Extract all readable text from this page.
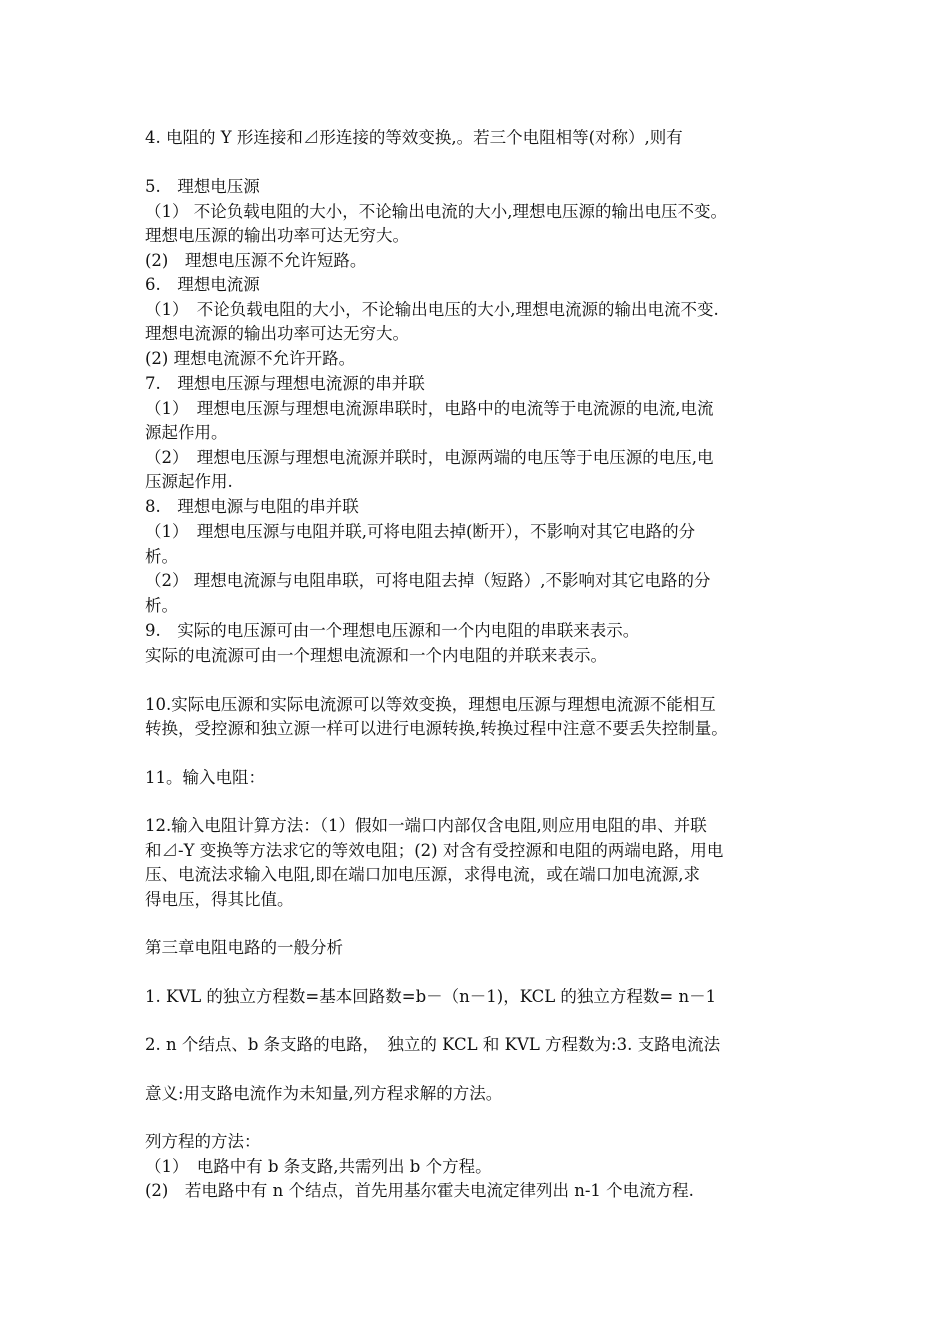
4. 电阻的 Y 形连接和⊿形连接的等效变换,。若三个电阻相等(对称）,则有
5.　理想电压源
（1） 不论负载电阻的大小，不论输出电流的大小,理想电压源的输出电压不变。
理想电压源的输出功率可达无穷大。
(2)　理想电压源不允许短路。
6.　理想电流源
（1）　不论负载电阻的大小，不论输出电压的大小,理想电流源的输出电流不变.
理想电流源的输出功率可达无穷大。
(2) 理想电流源不允许开路。
7.　理想电压源与理想电流源的串并联
（1）　理想电压源与理想电流源串联时，电路中的电流等于电流源的电流,电流
源起作用。
（2）　理想电压源与理想电流源并联时，电源两端的电压等于电压源的电压,电
压源起作用.
8.　理想电源与电阻的串并联
（1）　理想电压源与电阻并联,可将电阻去掉(断开），不影响对其它电路的分
析。
（2） 理想电流源与电阻串联，可将电阻去掉（短路）,不影响对其它电路的分
析。
9.　实际的电压源可由一个理想电压源和一个内电阻的串联来表示。
实际的电流源可由一个理想电流源和一个内电阻的并联来表示。
10.实际电压源和实际电流源可以等效变换，理想电压源与理想电流源不能相互
转换，受控源和独立源一样可以进行电源转换,转换过程中注意不要丢失控制量。
11。输入电阻：
12.输入电阻计算方法：（1）假如一端口内部仅含电阻,则应用电阻的串、并联
和⊿-Y 变换等方法求它的等效电阻；(2) 对含有受控源和电阻的两端电路，用电
压、电流法求输入电阻,即在端口加电压源，求得电流，或在端口加电流源,求
得电压，得其比值。
第三章电阻电路的一般分析
1. KVL 的独立方程数=基本回路数=b－（n－1)，KCL 的独立方程数= n－1
2. n 个结点、b 条支路的电路，　独立的 KCL 和 KVL 方程数为:3. 支路电流法
意义:用支路电流作为未知量,列方程求解的方法。
列方程的方法：
（1）　电路中有 b 条支路,共需列出 b 个方程。
(2)　若电路中有 n 个结点，首先用基尔霍夫电流定律列出 n-1 个电流方程.
